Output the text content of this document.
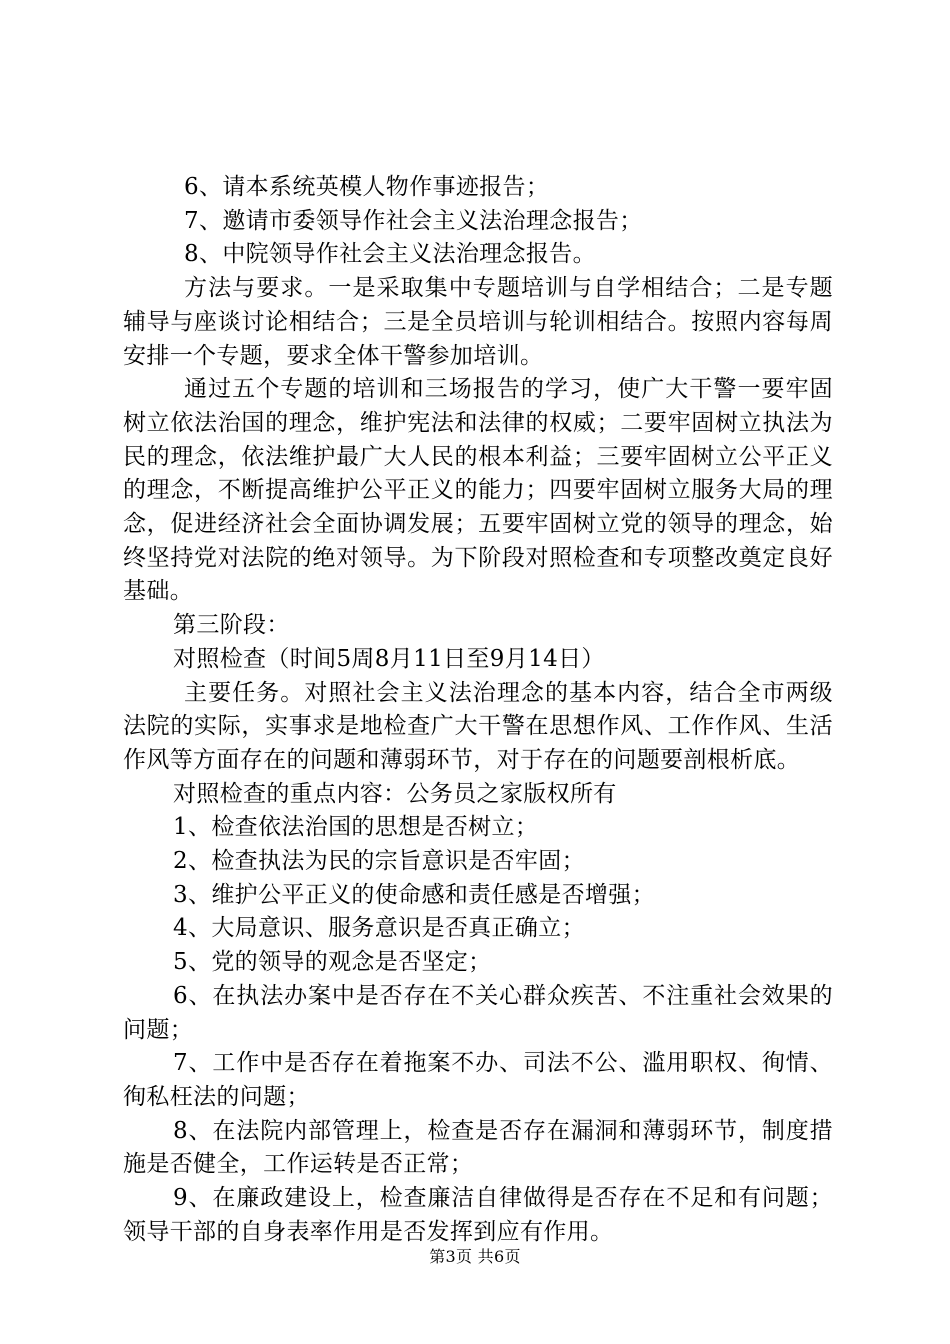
6、请本系统英模人物作事迹报告；

7、邀请市委领导作社会主义法治理念报告；

8、中院领导作社会主义法治理念报告。

方法与要求。一是采取集中专题培训与自学相结合；二是专题辅导与座谈讨论相结合；三是全员培训与轮训相结合。按照内容每周安排一个专题，要求全体干警参加培训。

通过五个专题的培训和三场报告的学习，使广大干警一要牢固树立依法治国的理念，维护宪法和法律的权威；二要牢固树立执法为民的理念，依法维护最广大人民的根本利益；三要牢固树立公平正义的理念，不断提高维护公平正义的能力；四要牢固树立服务大局的理念，促进经济社会全面协调发展；五要牢固树立党的领导的理念，始终坚持党对法院的绝对领导。为下阶段对照检查和专项整改奠定良好基础。

第三阶段：

对照检查（时间5周8月11日至9月14日）

主要任务。对照社会主义法治理念的基本内容，结合全市两级法院的实际，实事求是地检查广大干警在思想作风、工作作风、生活作风等方面存在的问题和薄弱环节，对于存在的问题要剖根析底。

对照检查的重点内容：公务员之家版权所有

1、检查依法治国的思想是否树立；

2、检查执法为民的宗旨意识是否牢固；

3、维护公平正义的使命感和责任感是否增强；

4、大局意识、服务意识是否真正确立；

5、党的领导的观念是否坚定；

6、在执法办案中是否存在不关心群众疾苦、不注重社会效果的问题；

7、工作中是否存在着拖案不办、司法不公、滥用职权、徇情、徇私枉法的问题；

8、在法院内部管理上，检查是否存在漏洞和薄弱环节，制度措施是否健全，工作运转是否正常；

9、在廉政建设上，检查廉洁自律做得是否存在不足和有问题；领导干部的自身表率作用是否发挥到应有作用。

第3页 共6页
